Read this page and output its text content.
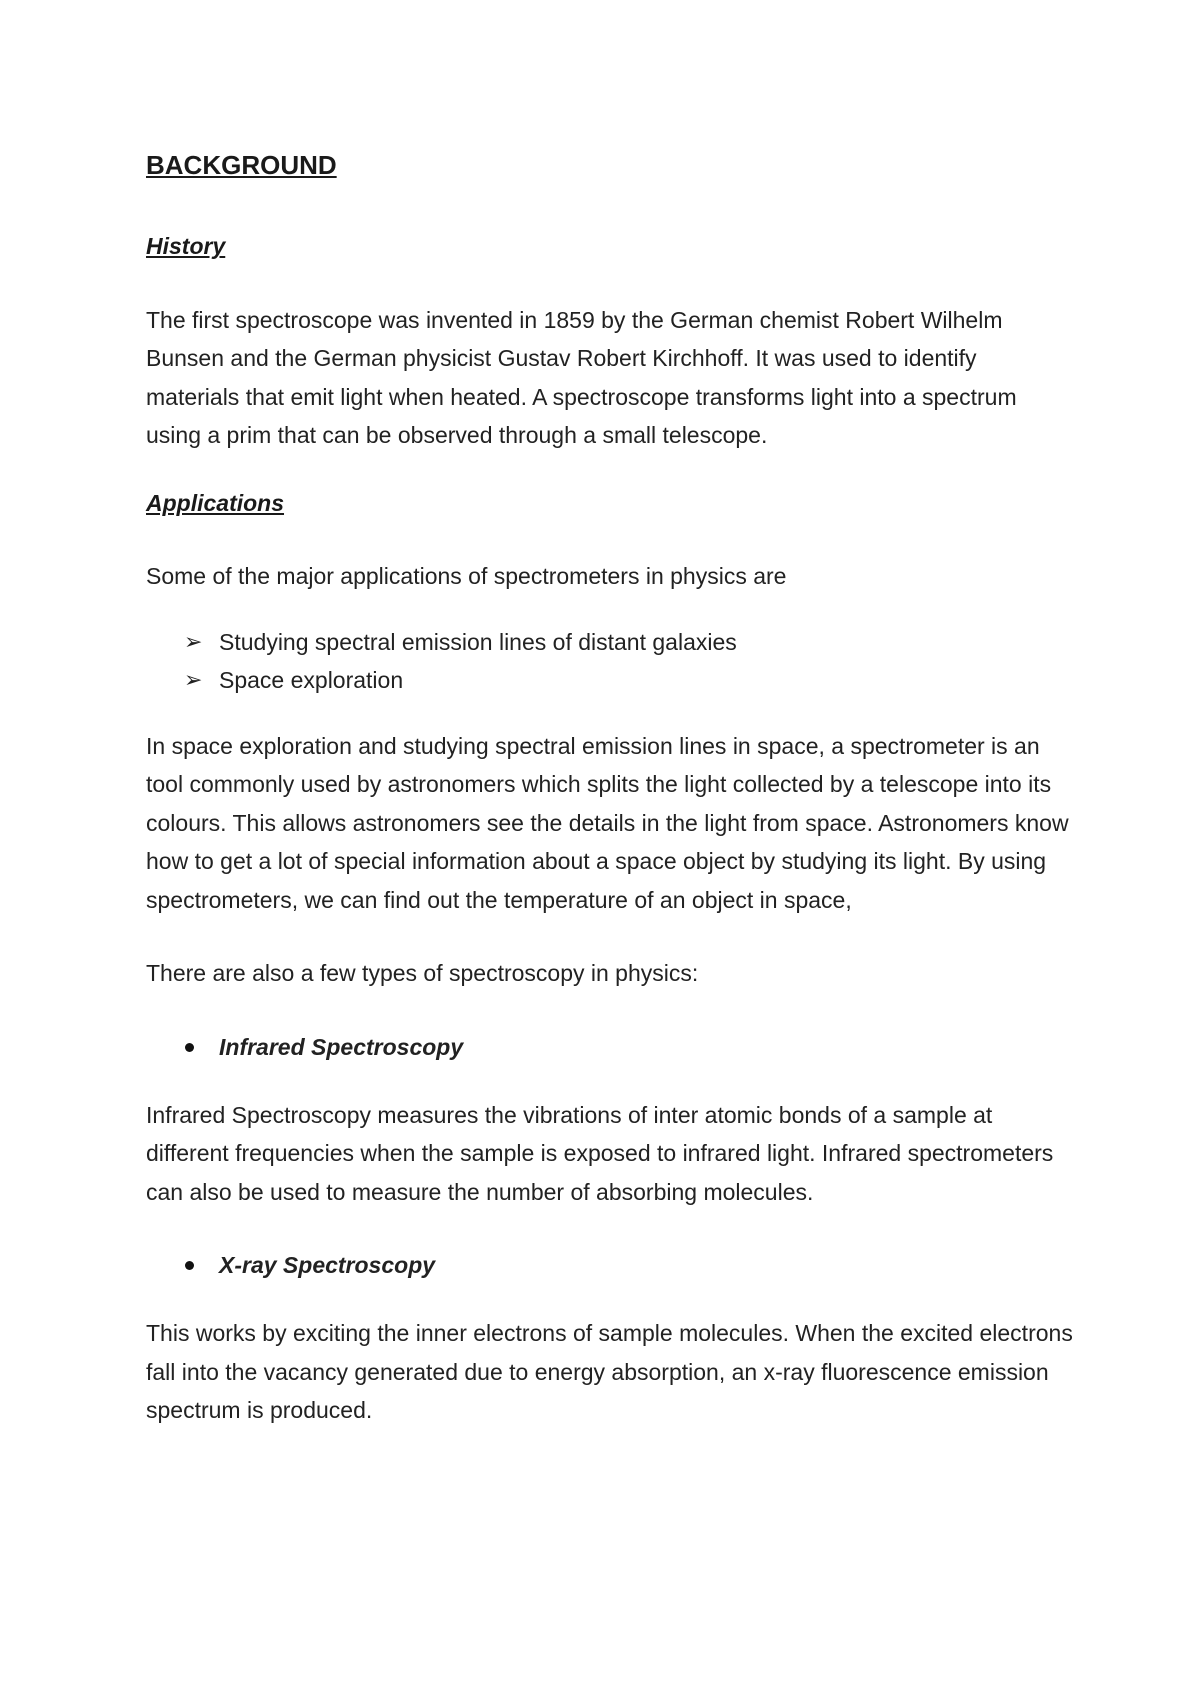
BACKGROUND
History

The first spectroscope was invented in 1859 by the German chemist Robert Wilhelm Bunsen and the German physicist Gustav Robert Kirchhoff. It was used to identify materials that emit light when heated. A spectroscope transforms light into a spectrum using a prim that can be observed through a small telescope.

Applications

Some of the major applications of spectrometers in physics are

➢ Studying spectral emission lines of distant galaxies
➢ Space exploration

In space exploration and studying spectral emission lines in space, a spectrometer is an tool commonly used by astronomers which splits the light collected by a telescope into its colours. This allows astronomers see the details in the light from space. Astronomers know how to get a lot of special information about a space object by studying its light. By using spectrometers, we can find out the temperature of an object in space,

There are also a few types of spectroscopy in physics:

Infrared Spectroscopy

Infrared Spectroscopy measures the vibrations of inter atomic bonds of a sample at different frequencies when the sample is exposed to infrared light. Infrared spectrometers can also be used to measure the number of absorbing molecules.

X-ray Spectroscopy

This works by exciting the inner electrons of sample molecules. When the excited electrons fall into the vacancy generated due to energy absorption, an x-ray fluorescence emission spectrum is produced.
